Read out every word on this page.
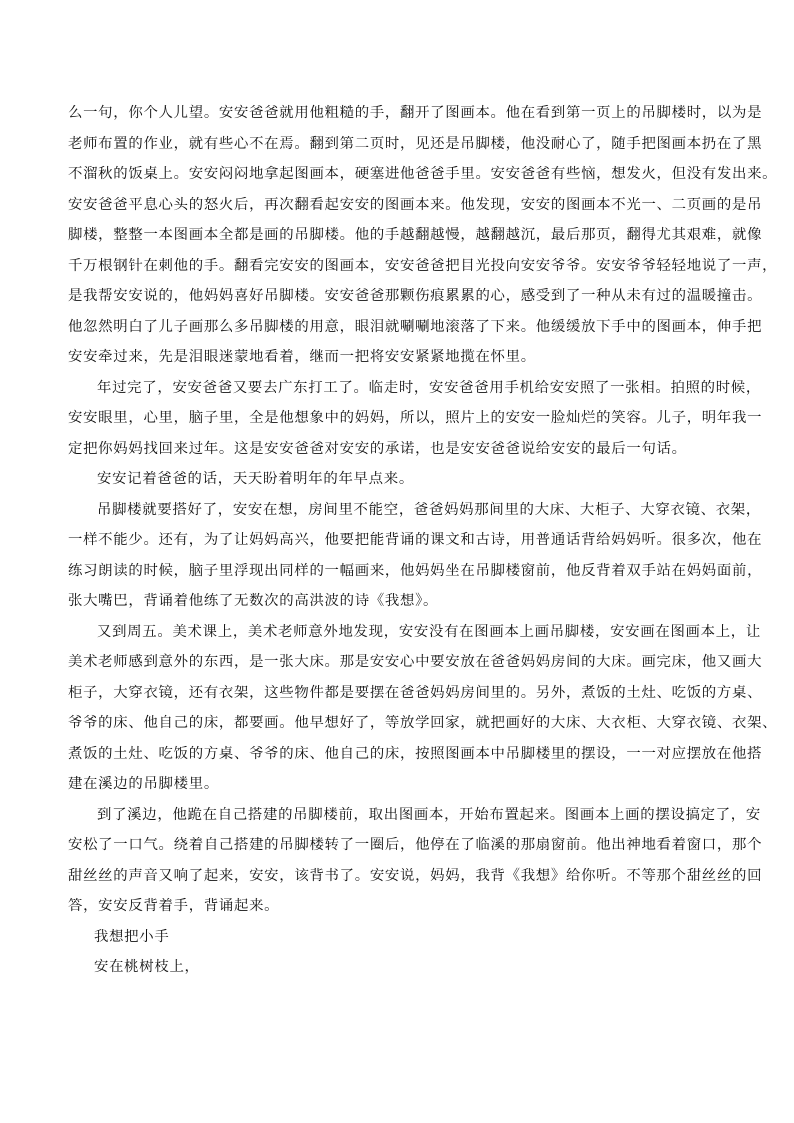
么一句，你个人儿望。安安爸爸就用他粗糙的手，翻开了图画本。他在看到第一页上的吊脚楼时，以为是
老师布置的作业，就有些心不在焉。翻到第二页时，见还是吊脚楼，他没耐心了，随手把图画本扔在了黑
不溜秋的饭桌上。安安闷闷地拿起图画本，硬塞进他爸爸手里。安安爸爸有些恼，想发火，但没有发出来。
安安爸爸平息心头的怒火后，再次翻看起安安的图画本来。他发现，安安的图画本不光一、二页画的是吊
脚楼，整整一本图画本全都是画的吊脚楼。他的手越翻越慢，越翻越沉，最后那页，翻得尤其艰难，就像
千万根钢针在刺他的手。翻看完安安的图画本，安安爸爸把目光投向安安爷爷。安安爷爷轻轻地说了一声，
是我帮安安说的，他妈妈喜好吊脚楼。安安爸爸那颗伤痕累累的心，感受到了一种从未有过的温暖撞击。
他忽然明白了儿子画那么多吊脚楼的用意，眼泪就唰唰地滚落了下来。他缓缓放下手中的图画本，伸手把
安安牵过来，先是泪眼迷蒙地看着，继而一把将安安紧紧地揽在怀里。
年过完了，安安爸爸又要去广东打工了。临走时，安安爸爸用手机给安安照了一张相。拍照的时候，
安安眼里，心里，脑子里，全是他想象中的妈妈，所以，照片上的安安一脸灿烂的笑容。儿子，明年我一
定把你妈妈找回来过年。这是安安爸爸对安安的承诺，也是安安爸爸说给安安的最后一句话。
安安记着爸爸的话，天天盼着明年的年早点来。
吊脚楼就要搭好了，安安在想，房间里不能空，爸爸妈妈那间里的大床、大柜子、大穿衣镜、衣架，
一样不能少。还有，为了让妈妈高兴，他要把能背诵的课文和古诗，用普通话背给妈妈听。很多次，他在
练习朗读的时候，脑子里浮现出同样的一幅画来，他妈妈坐在吊脚楼窗前，他反背着双手站在妈妈面前，
张大嘴巴，背诵着他练了无数次的高洪波的诗《我想》。
又到周五。美术课上，美术老师意外地发现，安安没有在图画本上画吊脚楼，安安画在图画本上，让
美术老师感到意外的东西，是一张大床。那是安安心中要安放在爸爸妈妈房间的大床。画完床，他又画大
柜子，大穿衣镜，还有衣架，这些物件都是要摆在爸爸妈妈房间里的。另外，煮饭的土灶、吃饭的方桌、
爷爷的床、他自己的床，都要画。他早想好了，等放学回家，就把画好的大床、大衣柜、大穿衣镜、衣架、
煮饭的土灶、吃饭的方桌、爷爷的床、他自己的床，按照图画本中吊脚楼里的摆设，一一对应摆放在他搭
建在溪边的吊脚楼里。
到了溪边，他跪在自己搭建的吊脚楼前，取出图画本，开始布置起来。图画本上画的摆设搞定了，安
安松了一口气。绕着自己搭建的吊脚楼转了一圈后，他停在了临溪的那扇窗前。他出神地看着窗口，那个
甜丝丝的声音又响了起来，安安，该背书了。安安说，妈妈，我背《我想》给你听。不等那个甜丝丝的回
答，安安反背着手，背诵起来。
我想把小手
安在桃树枝上，
